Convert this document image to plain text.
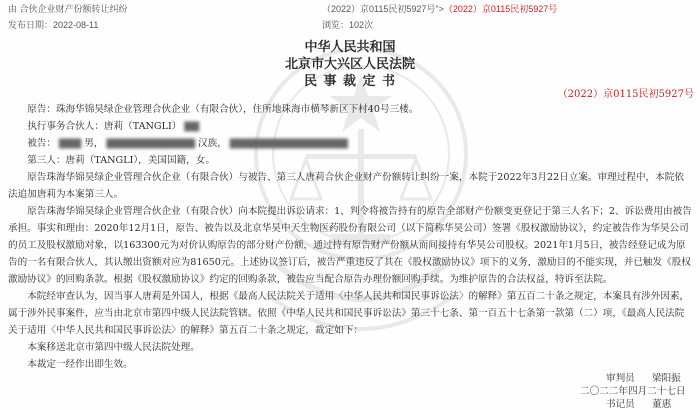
由 合伙企业财产份额转让纠纷	（2022）京0115民初5927号">（2022）京0115民初5927号
发布日期：2022-08-11	浏览：102次
中华人民共和国
北京市大兴区人民法院
民 事 裁 定 书
（2022）京0115民初5927号

原告：珠海华锦昊绿企业管理合伙企业（有限合伙），住所地珠海市横琴新区下村40号三楼。

执行事务合伙人：唐莉（TANGLI） ▇▇

被告： ▇▇▇ 男， ▇▇▇▇▇▇▇▇▇▇▇▇ 汉族， ▇▇▇▇▇▇▇▇▇▇▇▇▇▇▇▇

第三人：唐莉（TANGLI），美国国籍，女。

原告珠海华锦昊绿企业管理合伙企业（有限合伙）与被告、第三人唐莉合伙企业财产份额转让纠纷一案，本院于2022年3月22日立案。审理过程中，本院依法追加唐莉为本案第三人。

原告珠海华锦昊绿企业管理合伙企业（有限合伙）向本院提出诉讼请求：1、判令将被告持有的原告全部财产份额变更登记于第三人名下；2、诉讼费用由被告承担。事实和理由：2020年12月1日，原告、被告以及北京华昊中天生物医药股份有限公司（以下简称华昊公司）签署《股权激励协议》，约定被告作为华昊公司的员工及股权激励对象，以163300元为对价认购原告的部分财产份额，通过持有原告财产份额从而间接持有华昊公司股权。2021年1月5日，被告经登记成为原告的一名有限合伙人，其认缴出资额对应为81650元。上述协议签订后，被告严重违反了其在《股权激励协议》项下的义务，激励目的不能实现，并已触发《股权激励协议》的回购条款。根据《股权激励协议》约定的回购条款，被告应当配合原告办理份额回购手续。为维护原告的合法权益，特诉至法院。

本院经审查认为，因当事人唐莉是外国人，根据《最高人民法院关于适用〈中华人民共和国民事诉讼法〉的解释》第五百二十条之规定，本案具有涉外因素，属于涉外民事案件，应当由北京市第四中级人民法院管辖。依照《中华人民共和国民事诉讼法》第三十七条、第一百五十七条第一款第（二）项，《最高人民法院关于适用〈中华人民共和国民事诉讼法〉的解释》第五百二十条之规定，裁定如下：

本案移送北京市第四中级人民法院处理。

本裁定一经作出即生效。

审判员 梁阳振
二〇二二年四月二十七日
书记员 董惠
